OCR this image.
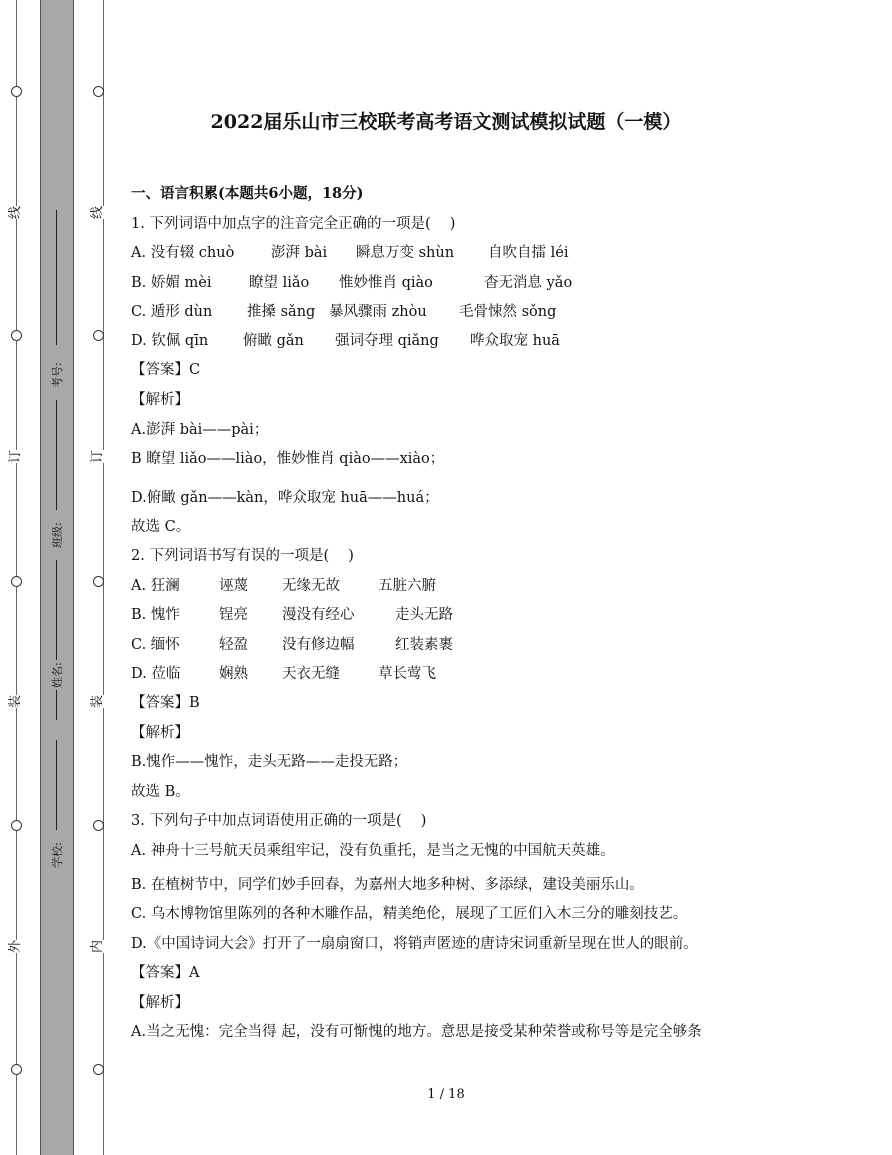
线
订
装
外
线
订
装
内
考号:
班级:
姓名:
学校:
2022届乐山市三校联考高考语文测试模拟试题（一模）
一、语言积累(本题共6小题，18分)
1. 下列词语中加点字的注音完全正确的一项是(　 )
A. 没有辍 chuò	澎湃 bài 瞬息万变 shùn 自吹自擂 léi
B. 娇媚 mèi	瞭望 liǎo 惟妙惟肖 qiào	杳无消息 yǎo
C. 遁形 dùn 推搡 sǎng 暴风骤雨 zhòu 毛骨悚然 sǒng
D. 钦佩 qīn 俯瞰 gǎn 强词夺理 qiǎng 哗众取宠 huā
【答案】C
【解析】
A.澎湃 bài——pài；
B 瞭望 liǎo——liào，惟妙惟肖 qiào——xiào；
D.俯瞰 gǎn——kàn，哗众取宠 huā——huá；
故选 C。
2. 下列词语书写有误的一项是(　 )
A. 狂澜	诬蔑 无缘无故	五脏六腑
B. 愧怍	锃亮 漫没有经心	走头无路
C. 缅怀	轻盈 没有修边幅	红装素裹
D. 莅临	娴熟 天衣无缝	草长莺飞
【答案】B
【解析】
B.愧作——愧怍，走头无路——走投无路；
故选 B。
3. 下列句子中加点词语使用正确的一项是(　 )
A. 神舟十三号航天员乘组牢记，没有负重托，是当之无愧的中国航天英雄。
B. 在植树节中，同学们妙手回春，为嘉州大地多种树、多添绿，建设美丽乐山。
C. 乌木博物馆里陈列的各种木雕作品，精美绝伦，展现了工匠们入木三分的雕刻技艺。
D.《中国诗词大会》打开了一扇扇窗口，将销声匿迹的唐诗宋词重新呈现在世人的眼前。
【答案】A
【解析】
A.当之无愧：完全当得 起，没有可惭愧的地方。意思是接受某种荣誉或称号等是完全够条
1 / 18
